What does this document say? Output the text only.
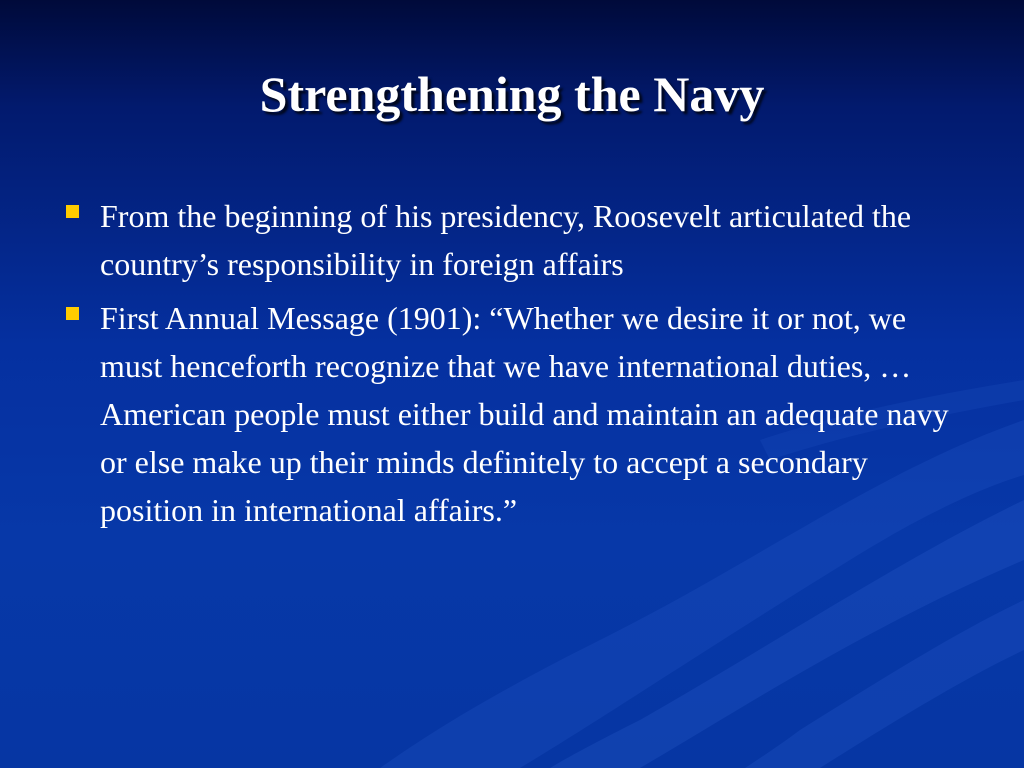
Strengthening the Navy
From the beginning of his presidency, Roosevelt articulated the country’s responsibility in foreign affairs
First Annual Message (1901): “Whether we desire it or not, we must henceforth recognize that we have international duties, … American people must either build and maintain an adequate navy or else make up their minds definitely to accept a secondary position in international affairs.”
